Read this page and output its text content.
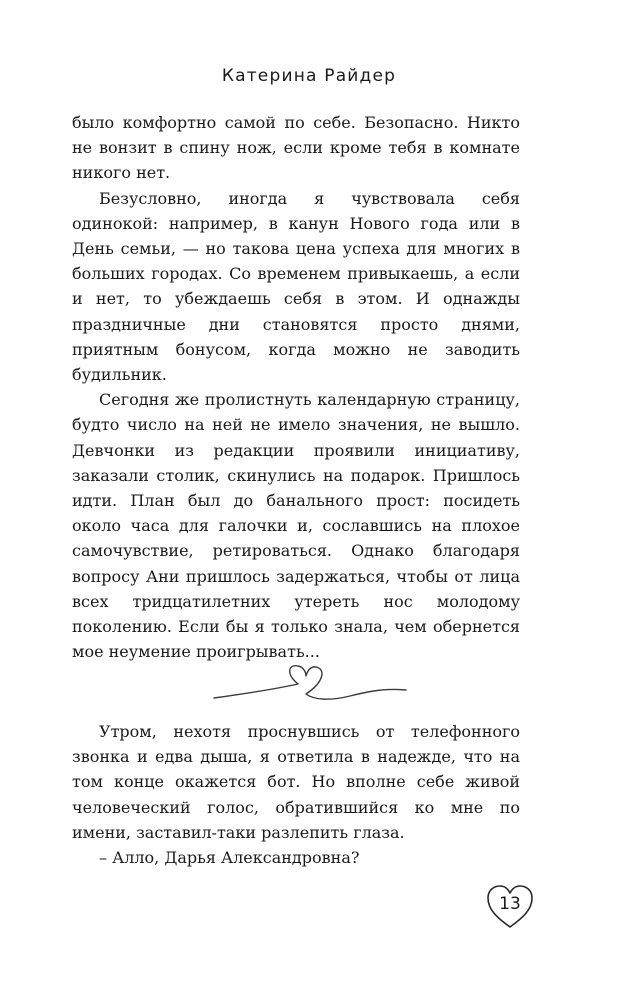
Катерина Райдер

было комфортно самой по себе. Безопасно. Никто не вонзит в спину нож, если кроме тебя в комнате никого нет.

Безусловно, иногда я чувствовала себя одинокой: например, в канун Нового года или в День семьи, — но такова цена успеха для многих в больших городах. Со временем привыкаешь, а если и нет, то убеждаешь себя в этом. И однажды праздничные дни становятся просто днями, приятным бонусом, когда можно не заводить будильник.

Сегодня же пролистнуть календарную страницу, будто число на ней не имело значения, не вышло. Девчонки из редакции проявили инициативу, заказали столик, скинулись на подарок. Пришлось идти. План был до банального прост: посидеть около часа для галочки и, сославшись на плохое самочувствие, ретироваться. Однако благодаря вопросу Ани пришлось задержаться, чтобы от лица всех тридцатилетних утереть нос молодому поколению. Если бы я только знала, чем обернется мое неумение проигрывать...

Утром, нехотя проснувшись от телефонного звонка и едва дыша, я ответила в надежде, что на том конце окажется бот. Но вполне себе живой человеческий голос, обратившийся ко мне по имени, заставил-таки разлепить глаза.

– Алло, Дарья Александровна?

13
